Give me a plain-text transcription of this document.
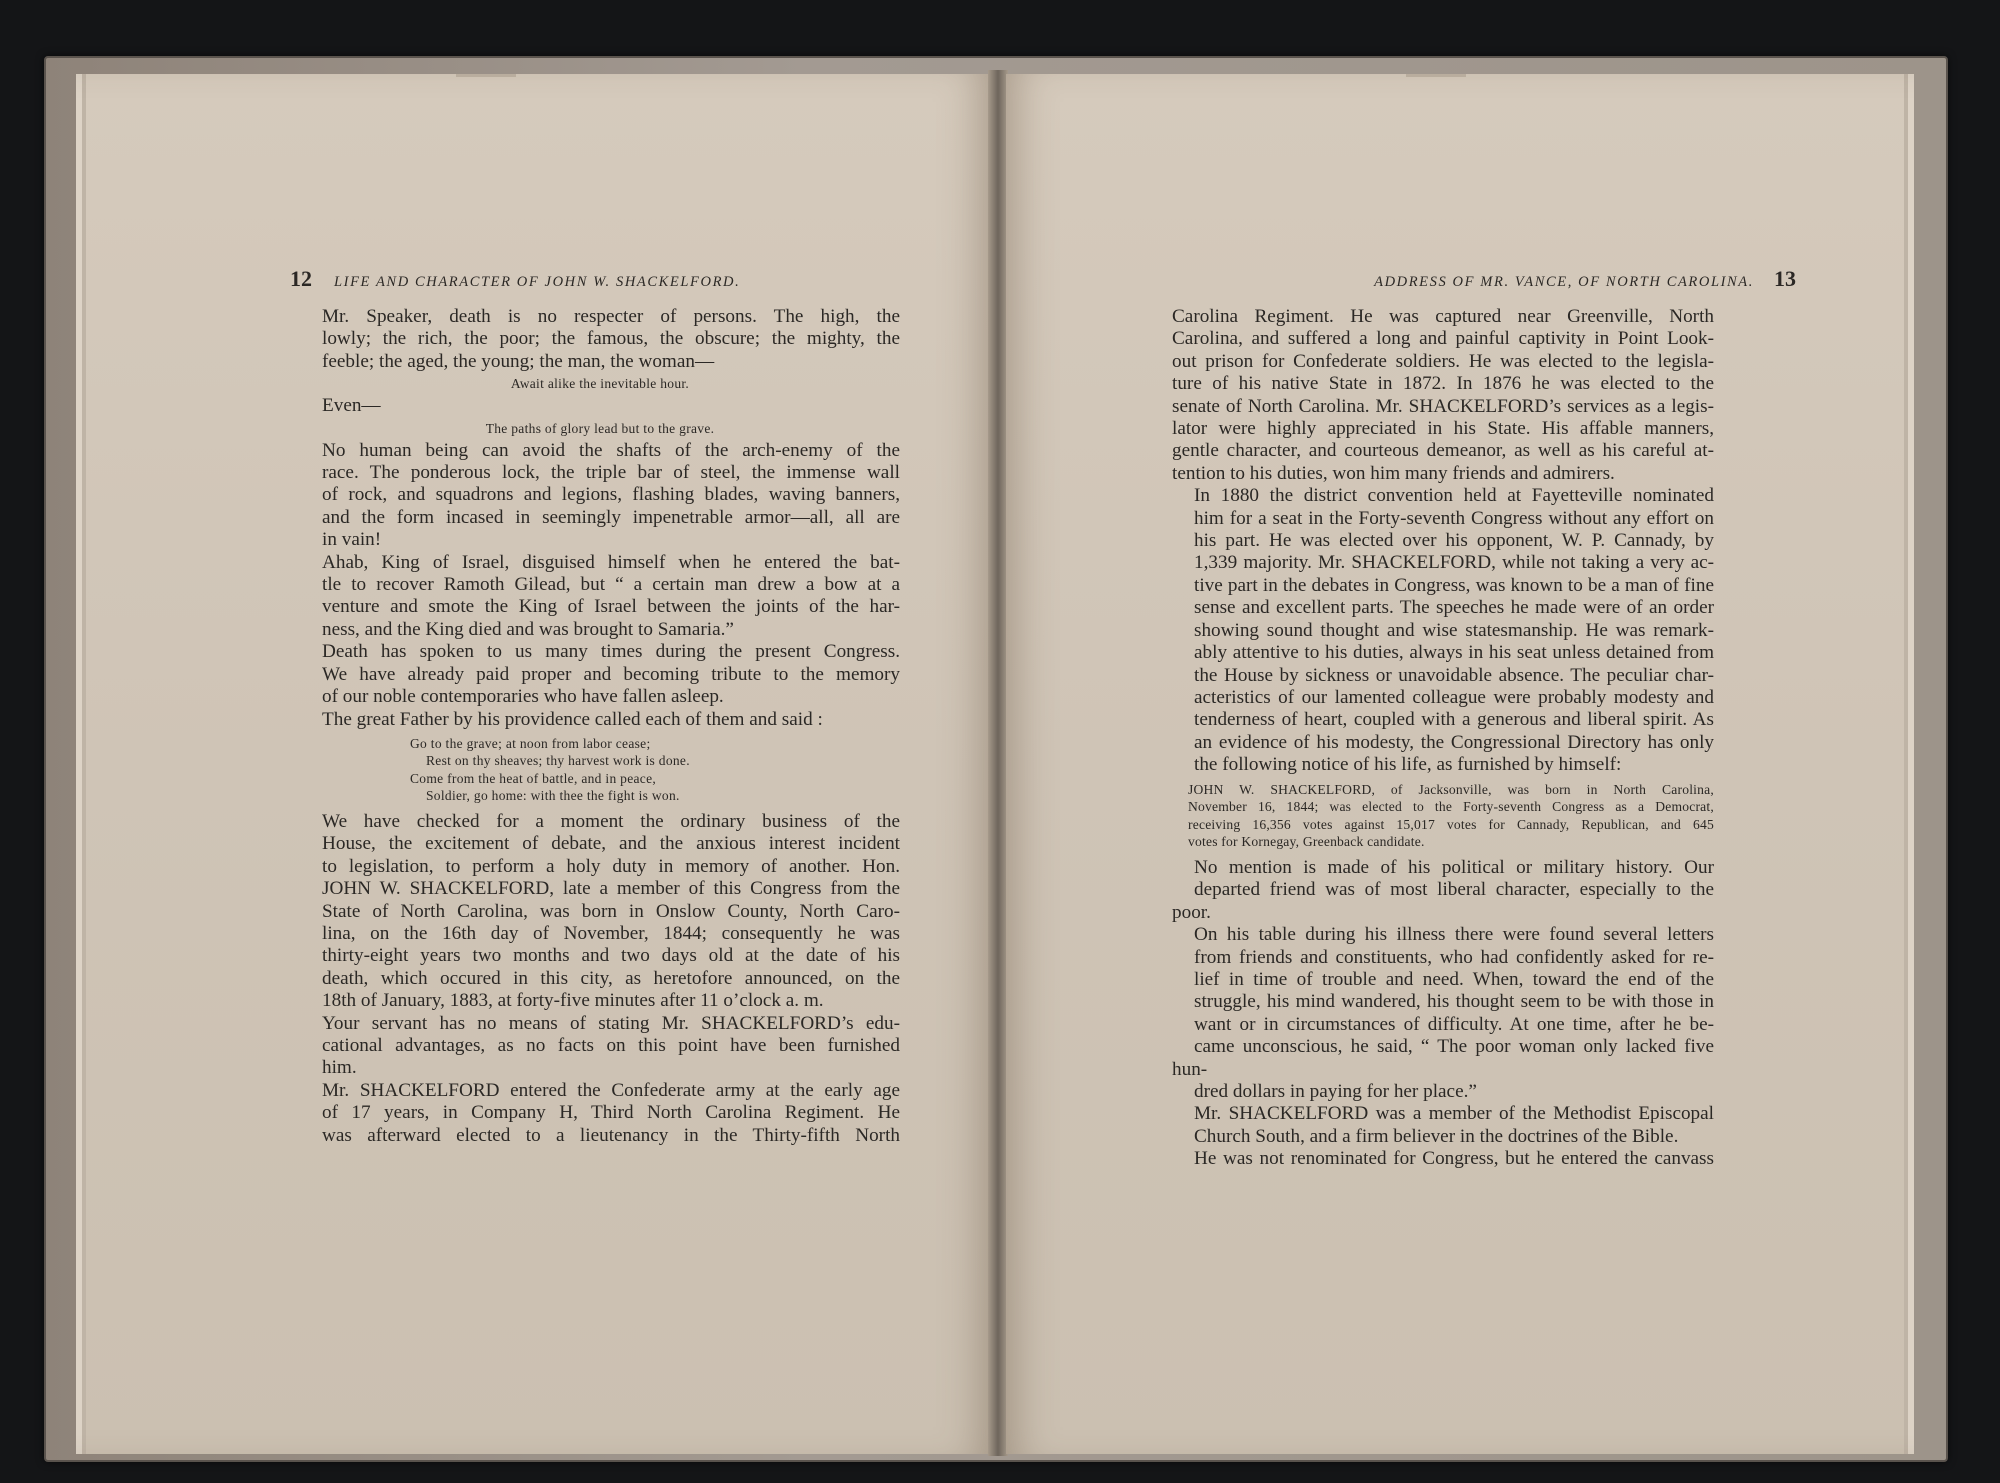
12 LIFE AND CHARACTER OF JOHN W. SHACKELFORD.

Mr. Speaker, death is no respecter of persons. The high, the
lowly; the rich, the poor; the famous, the obscure; the mighty, the
feeble; the aged, the young; the man, the woman—

Await alike the inevitable hour.

Even—

The paths of glory lead but to the grave.

No human being can avoid the shafts of the arch-enemy of the
race. The ponderous lock, the triple bar of steel, the immense wall
of rock, and squadrons and legions, flashing blades, waving banners,
and the form incased in seemingly impenetrable armor—all, all are
in vain!

Ahab, King of Israel, disguised himself when he entered the bat-
tle to recover Ramoth Gilead, but “ a certain man drew a bow at a
venture and smote the King of Israel between the joints of the har-
ness, and the King died and was brought to Samaria.”

Death has spoken to us many times during the present Congress.
We have already paid proper and becoming tribute to the memory
of our noble contemporaries who have fallen asleep.

The great Father by his providence called each of them and said :

Go to the grave; at noon from labor cease;
Rest on thy sheaves; thy harvest work is done.
Come from the heat of battle, and in peace,
Soldier, go home: with thee the fight is won.

We have checked for a moment the ordinary business of the
House, the excitement of debate, and the anxious interest incident
to legislation, to perform a holy duty in memory of another. Hon.
JOHN W. SHACKELFORD, late a member of this Congress from the
State of North Carolina, was born in Onslow County, North Caro-
lina, on the 16th day of November, 1844; consequently he was
thirty-eight years two months and two days old at the date of his
death, which occured in this city, as heretofore announced, on the
18th of January, 1883, at forty-five minutes after 11 o’clock a. m.

Your servant has no means of stating Mr. SHACKELFORD’s edu-
cational advantages, as no facts on this point have been furnished
him.

Mr. SHACKELFORD entered the Confederate army at the early age
of 17 years, in Company H, Third North Carolina Regiment. He
was afterward elected to a lieutenancy in the Thirty-fifth North

ADDRESS OF MR. VANCE, OF NORTH CAROLINA. 13

Carolina Regiment. He was captured near Greenville, North
Carolina, and suffered a long and painful captivity in Point Look-
out prison for Confederate soldiers. He was elected to the legisla-
ture of his native State in 1872. In 1876 he was elected to the
senate of North Carolina. Mr. SHACKELFORD’s services as a legis-
lator were highly appreciated in his State. His affable manners,
gentle character, and courteous demeanor, as well as his careful at-
tention to his duties, won him many friends and admirers.

In 1880 the district convention held at Fayetteville nominated
him for a seat in the Forty-seventh Congress without any effort on
his part. He was elected over his opponent, W. P. Cannady, by
1,339 majority. Mr. SHACKELFORD, while not taking a very ac-
tive part in the debates in Congress, was known to be a man of fine
sense and excellent parts. The speeches he made were of an order
showing sound thought and wise statesmanship. He was remark-
ably attentive to his duties, always in his seat unless detained from
the House by sickness or unavoidable absence. The peculiar char-
acteristics of our lamented colleague were probably modesty and
tenderness of heart, coupled with a generous and liberal spirit. As
an evidence of his modesty, the Congressional Directory has only
the following notice of his life, as furnished by himself:

JOHN W. SHACKELFORD, of Jacksonville, was born in North Carolina,
November 16, 1844; was elected to the Forty-seventh Congress as a Democrat,
receiving 16,356 votes against 15,017 votes for Cannady, Republican, and 645
votes for Kornegay, Greenback candidate.

No mention is made of his political or military history. Our
departed friend was of most liberal character, especially to the poor.
On his table during his illness there were found several letters
from friends and constituents, who had confidently asked for re-
lief in time of trouble and need. When, toward the end of the
struggle, his mind wandered, his thought seem to be with those in
want or in circumstances of difficulty. At one time, after he be-
came unconscious, he said, “ The poor woman only lacked five hun-
dred dollars in paying for her place.”

Mr. SHACKELFORD was a member of the Methodist Episcopal
Church South, and a firm believer in the doctrines of the Bible.

He was not renominated for Congress, but he entered the canvass
